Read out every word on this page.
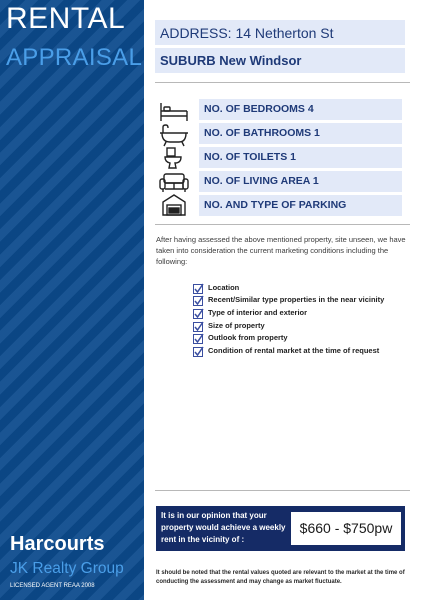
RENTAL
APPRAISAL
Harcourts
JK Realty Group
LICENSED AGENT REAA 2008
ADDRESS: 14 Netherton St
SUBURB New Windsor
NO. OF BEDROOMS 4
NO. OF BATHROOMS 1
NO. OF TOILETS 1
NO. OF LIVING AREA 1
NO. AND TYPE OF PARKING
After having assessed the above mentioned property, site unseen, we have taken into consideration the current marketing conditions including the following:
Location
Recent/Similar type properties in the near vicinity
Type of interior and exterior
Size of property
Outlook from property
Condition of rental market at the time of request
It is in our opinion that your property would achieve a weekly rent in the vicinity of :
$660 - $750pw
It should be noted that the rental values quoted are relevant to the market at the time of conducting the assessment and may change as market fluctuate.
